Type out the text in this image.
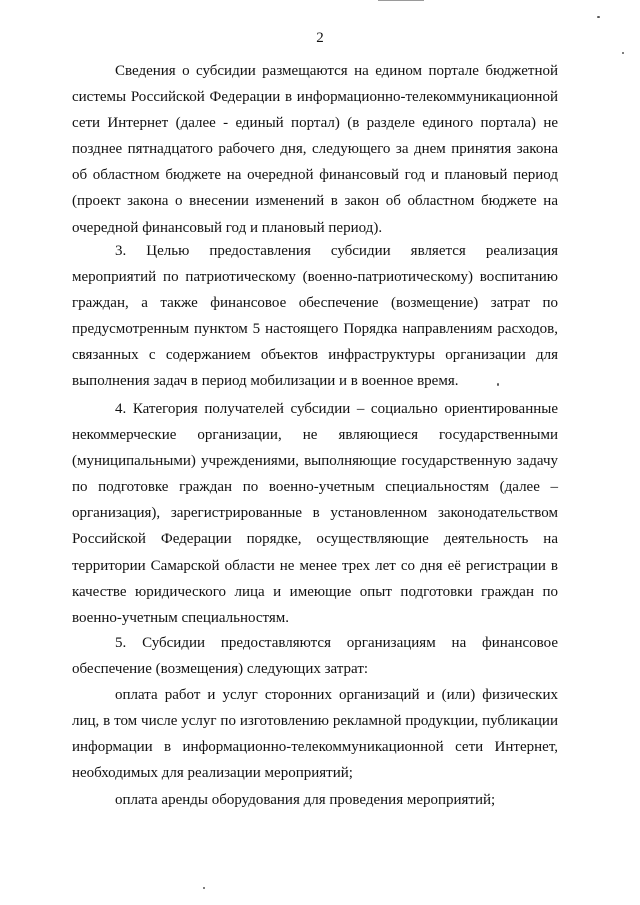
2

Сведения о субсидии размещаются на едином портале бюджетной системы Российской Федерации в информационно-телекоммуникационной сети Интернет (далее - единый портал) (в разделе единого портала) не позднее пятнадцатого рабочего дня, следующего за днем принятия закона об областном бюджете на очередной финансовый год и плановый период (проект закона о внесении изменений в закон об областном бюджете на очередной финансовый год и плановый период).

3. Целью предоставления субсидии является реализация мероприятий по патриотическому (военно-патриотическому) воспитанию граждан, а также финансовое обеспечение (возмещение) затрат по предусмотренным пунктом 5 настоящего Порядка направлениям расходов, связанных с содержанием объектов инфраструктуры организации для выполнения задач в период мобилизации и в военное время.

4. Категория получателей субсидии – социально ориентированные некоммерческие организации, не являющиеся государственными (муниципальными) учреждениями, выполняющие государственную задачу по подготовке граждан по военно-учетным специальностям (далее – организация), зарегистрированные в установленном законодательством Российской Федерации порядке, осуществляющие деятельность на территории Самарской области не менее трех лет со дня её регистрации в качестве юридического лица и имеющие опыт подготовки граждан по военно-учетным специальностям.

5. Субсидии предоставляются организациям на финансовое обеспечение (возмещения) следующих затрат:

оплата работ и услуг сторонних организаций и (или) физических лиц, в том числе услуг по изготовлению рекламной продукции, публикации информации в информационно-телекоммуникационной сети Интернет, необходимых для реализации мероприятий;

оплата аренды оборудования для проведения мероприятий;
